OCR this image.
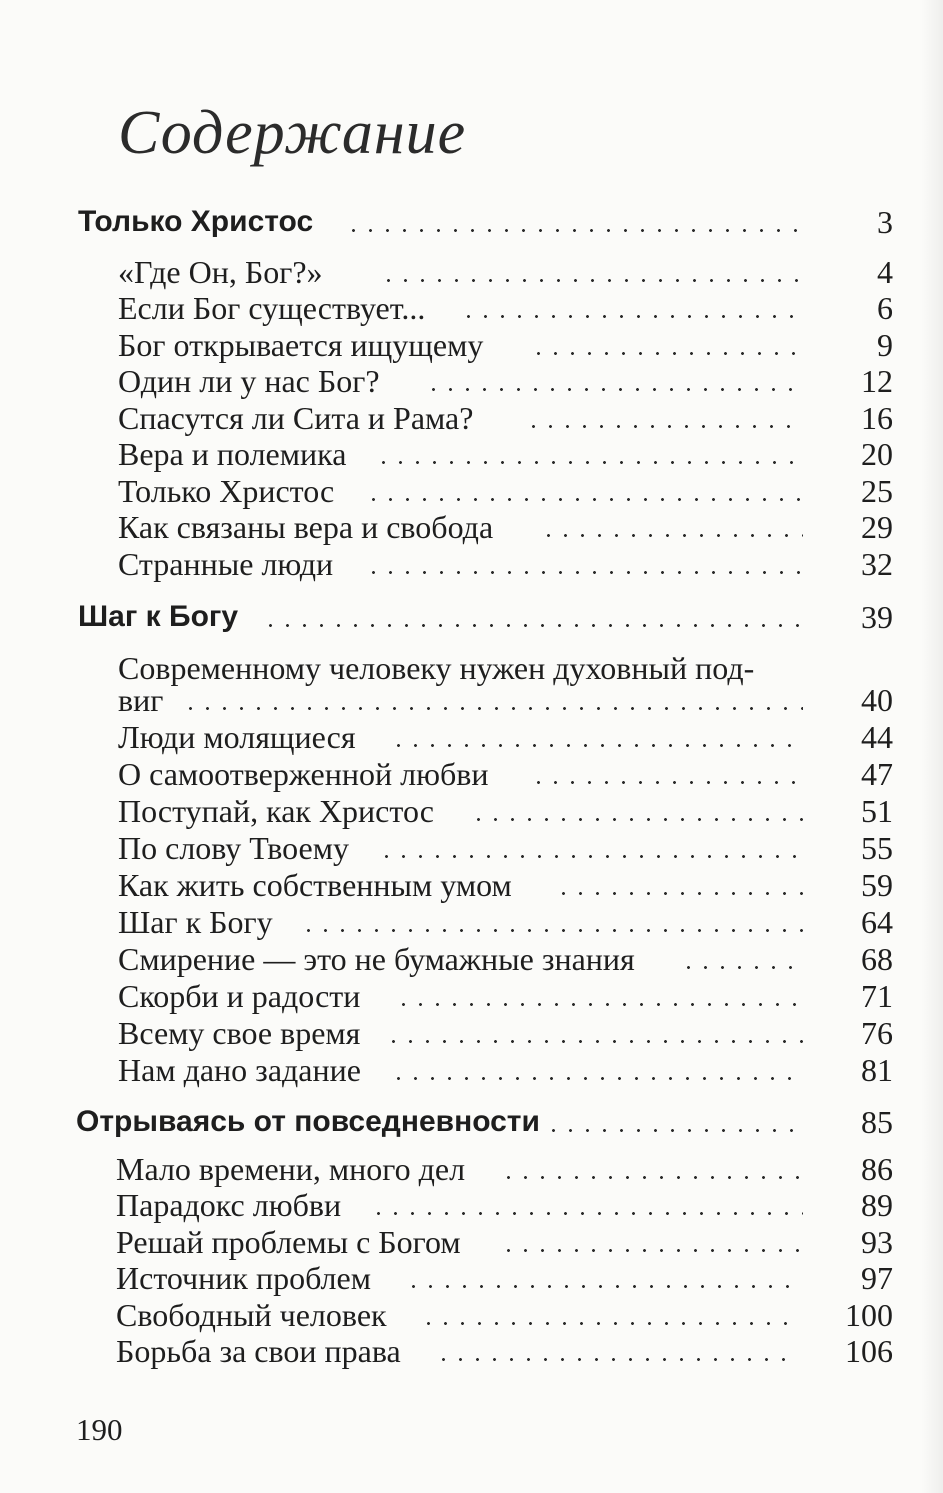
Содержание
Только Христос	3
«Где Он, Бог?»	4
Если Бог существует...	6
Бог открывается ищущему	9
Один ли у нас Бог?	12
Спасутся ли Сита и Рама?	16
Вера и полемика	20
Только Христос	25
Как связаны вера и свобода	29
Странные люди	32
Шаг к Богу	39
Современному человеку нужен духовный под-
виг	40
Люди молящиеся	44
О самоотверженной любви	47
Поступай, как Христос	51
По слову Твоему	55
Как жить собственным умом	59
Шаг к Богу	64
Смирение — это не бумажные знания	68
Скорби и радости	71
Всему свое время	76
Нам дано задание	81
Отрываясь от повседневности	85
Мало времени, много дел	86
Парадокс любви	89
Решай проблемы с Богом	93
Источник проблем	97
Свободный человек	100
Борьба за свои права	106
190
